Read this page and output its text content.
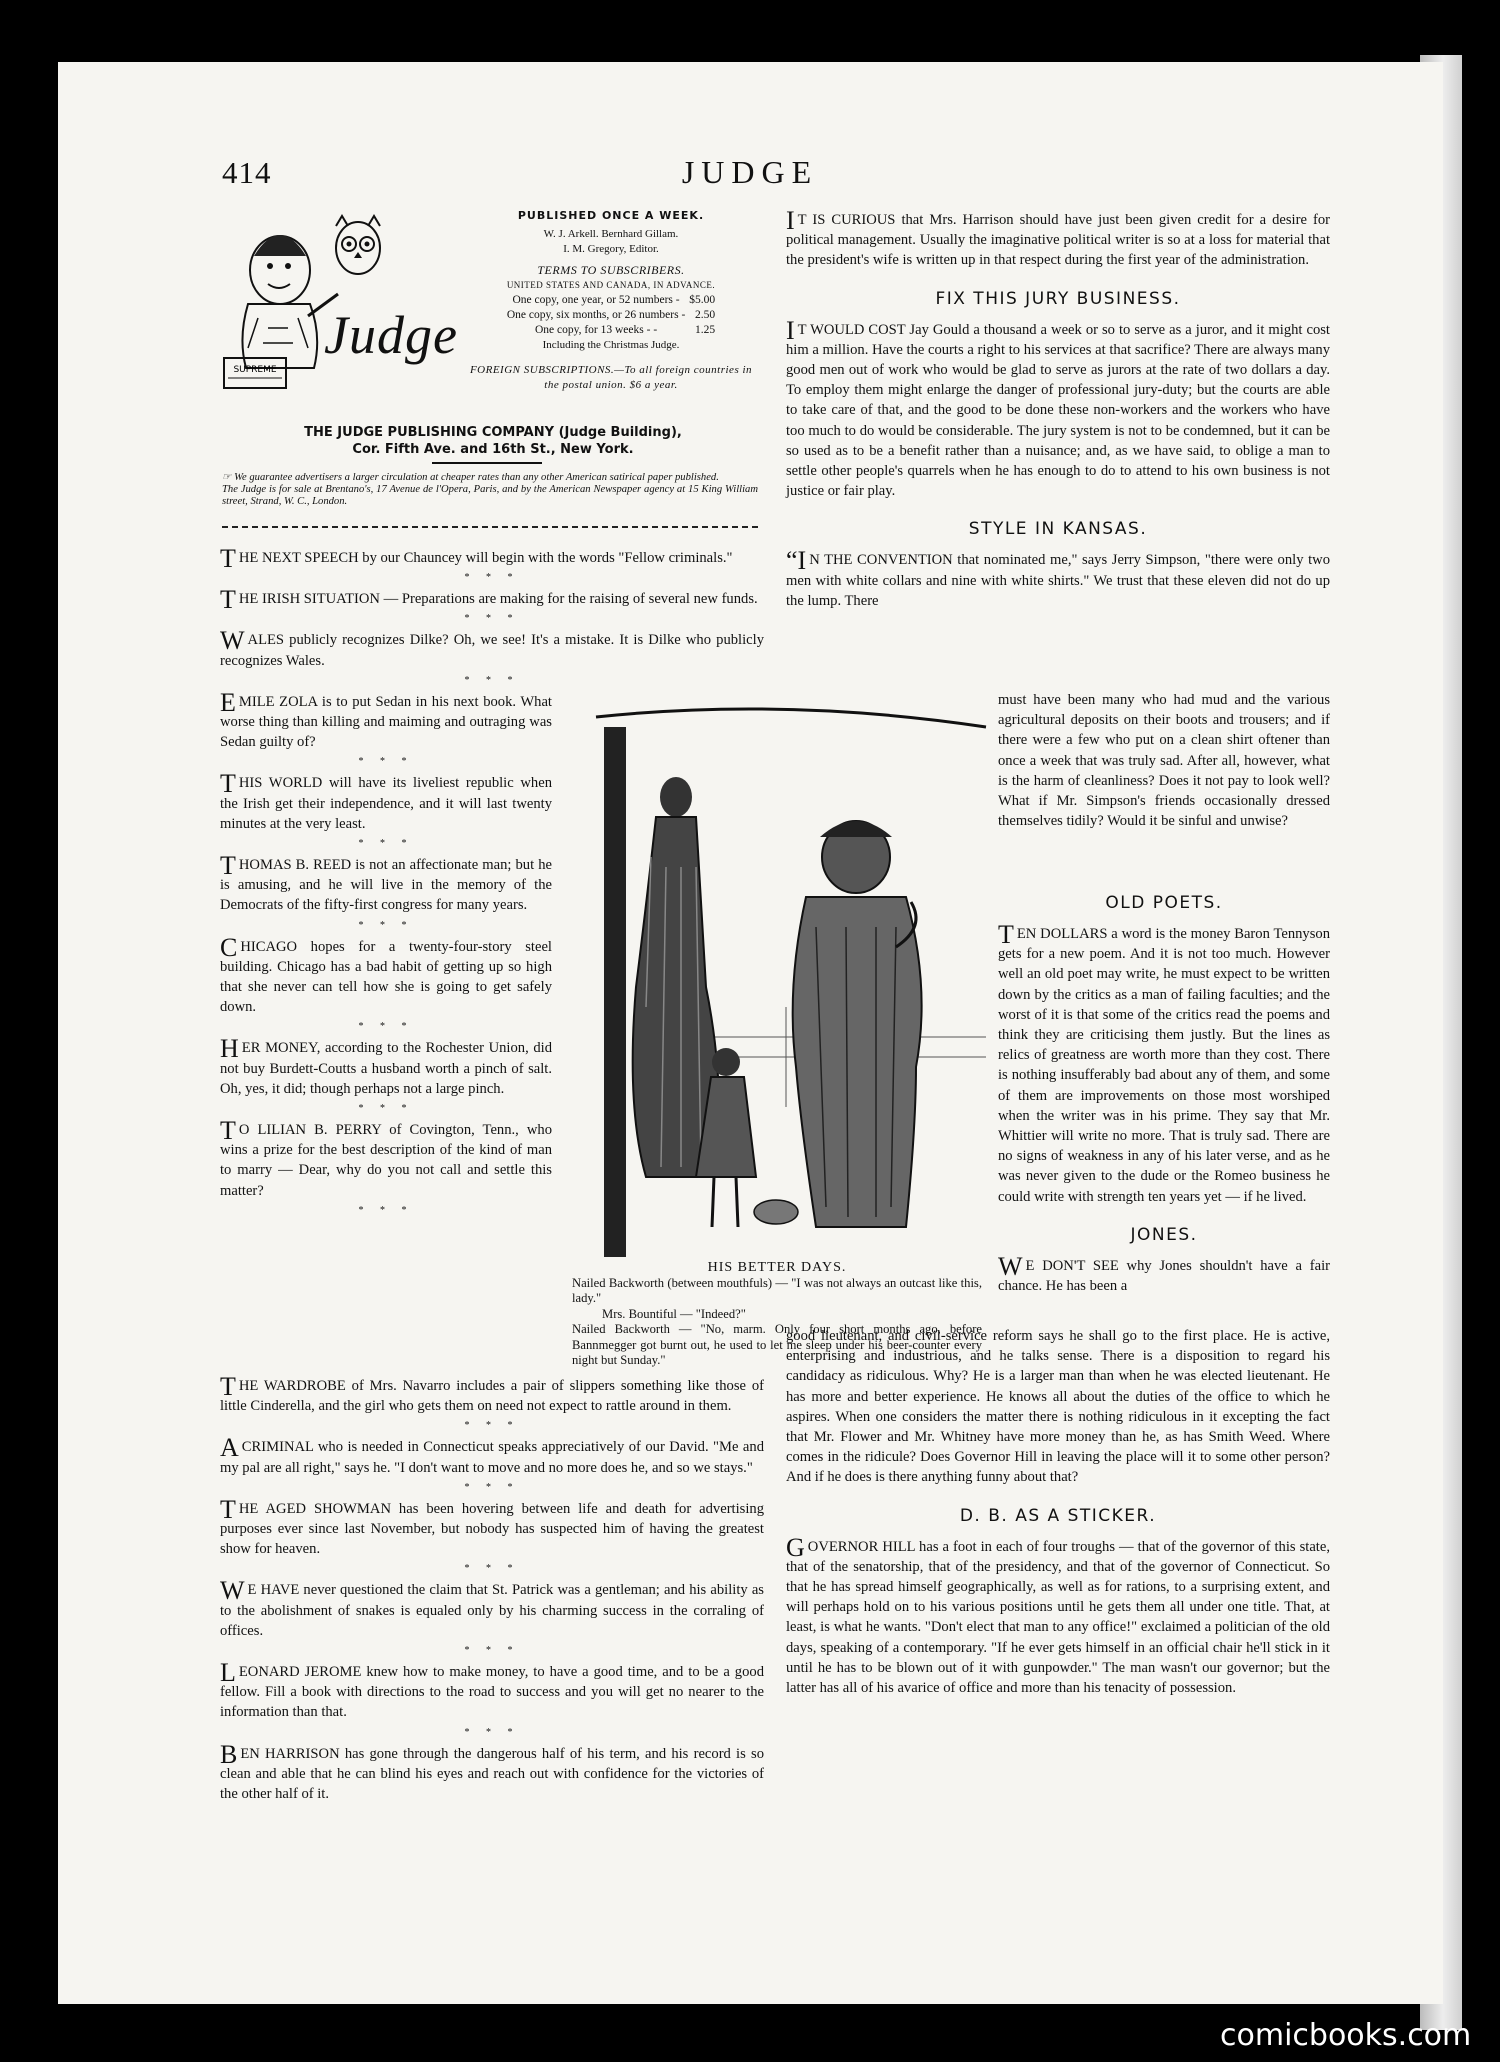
414	JUDGE
SUPREME
Judge
PUBLISHED ONCE A WEEK.
W. J. Arkell. Bernhard Gillam.
I. M. Gregory, Editor.
TERMS TO SUBSCRIBERS.
UNITED STATES AND CANADA, IN ADVANCE.
One copy, one year, or 52 numbers -	$5.00
One copy, six months, or 26 numbers -	2.50
One copy, for 13 weeks - -	1.25
Including the Christmas Judge.
FOREIGN SUBSCRIPTIONS.—To all foreign countries in the postal union. $6 a year.
THE JUDGE PUBLISHING COMPANY (Judge Building),
Cor. Fifth Ave. and 16th St., New York.
☞ We guarantee advertisers a larger circulation at cheaper rates than any other American satirical paper published.
The Judge is for sale at Brentano's, 17 Avenue de l'Opera, Paris, and by the American Newspaper agency at 15 King William street, Strand, W. C., London.

THE NEXT SPEECH by our Chauncey will begin with the words "Fellow criminals."

* * *

THE IRISH SITUATION — Preparations are making for the raising of several new funds.

* * *

WALES publicly recognizes Dilke? Oh, we see! It's a mistake. It is Dilke who publicly recognizes Wales.

* * *

EMILE ZOLA is to put Sedan in his next book. What worse thing than killing and maiming and outraging was Sedan guilty of?

* * *

THIS WORLD will have its liveliest republic when the Irish get their independence, and it will last twenty minutes at the very least.

* * *

THOMAS B. REED is not an affectionate man; but he is amusing, and he will live in the memory of the Democrats of the fifty-first congress for many years.

* * *

CHICAGO hopes for a twenty-four-story steel building. Chicago has a bad habit of getting up so high that she never can tell how she is going to get safely down.

* * *

HER MONEY, according to the Rochester Union, did not buy Burdett-Coutts a husband worth a pinch of salt. Oh, yes, it did; though perhaps not a large pinch.

* * *

T O LILIAN B. PERRY of Covington, Tenn., who wins a prize for the best description of the kind of man to marry — Dear, why do you not call and settle this matter?

* * *
HIS BETTER DAYS.
Nailed Backworth (between mouthfuls) — "I was not always an outcast like this, lady."
Mrs. Bountiful — "Indeed?"
Nailed Backworth — "No, marm. Only four short months ago, before Bannmegger got burnt out, he used to let me sleep under his beer-counter every night but Sunday."

THE WARDROBE of Mrs. Navarro includes a pair of slippers something like those of little Cinderella, and the girl who gets them on need not expect to rattle around in them.

* * *

A CRIMINAL who is needed in Connecticut speaks appreciatively of our David. "Me and my pal are all right," says he. "I don't want to move and no more does he, and so we stays."

* * *

THE AGED SHOWMAN has been hovering between life and death for advertising purposes ever since last November, but nobody has suspected him of having the greatest show for heaven.

* * *

W E HAVE never questioned the claim that St. Patrick was a gentleman; and his ability as to the abolishment of snakes is equaled only by his charming success in the corraling of offices.

* * *

LEONARD JEROME knew how to make money, to have a good time, and to be a good fellow. Fill a book with directions to the road to success and you will get no nearer to the information than that.

* * *

BEN HARRISON has gone through the dangerous half of his term, and his record is so clean and able that he can blind his eyes and reach out with confidence for the victories of the other half of it.

I T IS CURIOUS that Mrs. Harrison should have just been given credit for a desire for political management. Usually the imaginative political writer is so at a loss for material that the president's wife is written up in that respect during the first year of the administration.

FIX THIS JURY BUSINESS.

I T WOULD COST Jay Gould a thousand a week or so to serve as a juror, and it might cost him a million. Have the courts a right to his services at that sacrifice? There are always many good men out of work who would be glad to serve as jurors at the rate of two dollars a day. To employ them might enlarge the danger of professional jury-duty; but the courts are able to take care of that, and the good to be done these non-workers and the workers who have too much to do would be considerable. The jury system is not to be condemned, but it can be so used as to be a benefit rather than a nuisance; and, as we have said, to oblige a man to settle other people's quarrels when he has enough to do to attend to his own business is not justice or fair play.

STYLE IN KANSAS.

“I N THE CONVENTION that nominated me," says Jerry Simpson, "there were only two men with white collars and nine with white shirts." We trust that these eleven did not do up the lump. There

must have been many who had mud and the various agricultural deposits on their boots and trousers; and if there were a few who put on a clean shirt oftener than once a week that was truly sad. After all, however, what is the harm of cleanliness? Does it not pay to look well? What if Mr. Simpson's friends occasionally dressed themselves tidily? Would it be sinful and unwise?

OLD POETS.

TEN DOLLARS a word is the money Baron Tennyson gets for a new poem. And it is not too much. However well an old poet may write, he must expect to be written down by the critics as a man of failing faculties; and the worst of it is that some of the critics read the poems and think they are criticising them justly. But the lines as relics of greatness are worth more than they cost. There is nothing insufferably bad about any of them, and some of them are improvements on those most worshiped when the writer was in his prime. They say that Mr. Whittier will write no more. That is truly sad. There are no signs of weakness in any of his later verse, and as he was never given to the dude or the Romeo business he could write with strength ten years yet — if he lived.

JONES.

W E DON'T SEE why Jones shouldn't have a fair chance. He has been a

good lieutenant, and civil-service reform says he shall go to the first place. He is active, enterprising and industrious, and he talks sense. There is a disposition to regard his candidacy as ridiculous. Why? He is a larger man than when he was elected lieutenant. He has more and better experience. He knows all about the duties of the office to which he aspires. When one considers the matter there is nothing ridiculous in it excepting the fact that Mr. Flower and Mr. Whitney have more money than he, as has Smith Weed. Where comes in the ridicule? Does Governor Hill in leaving the place will it to some other person? And if he does is there anything funny about that?

D. B. AS A STICKER.

GOVERNOR HILL has a foot in each of four troughs — that of the governor of this state, that of the senatorship, that of the presidency, and that of the governor of Connecticut. So that he has spread himself geographically, as well as for rations, to a surprising extent, and will perhaps hold on to his various positions until he gets them all under one title. That, at least, is what he wants. "Don't elect that man to any office!" exclaimed a politician of the old days, speaking of a contemporary. "If he ever gets himself in an official chair he'll stick in it until he has to be blown out of it with gunpowder." The man wasn't our governor; but the latter has all of his avarice of office and more than his tenacity of possession.

comicbooks.com
